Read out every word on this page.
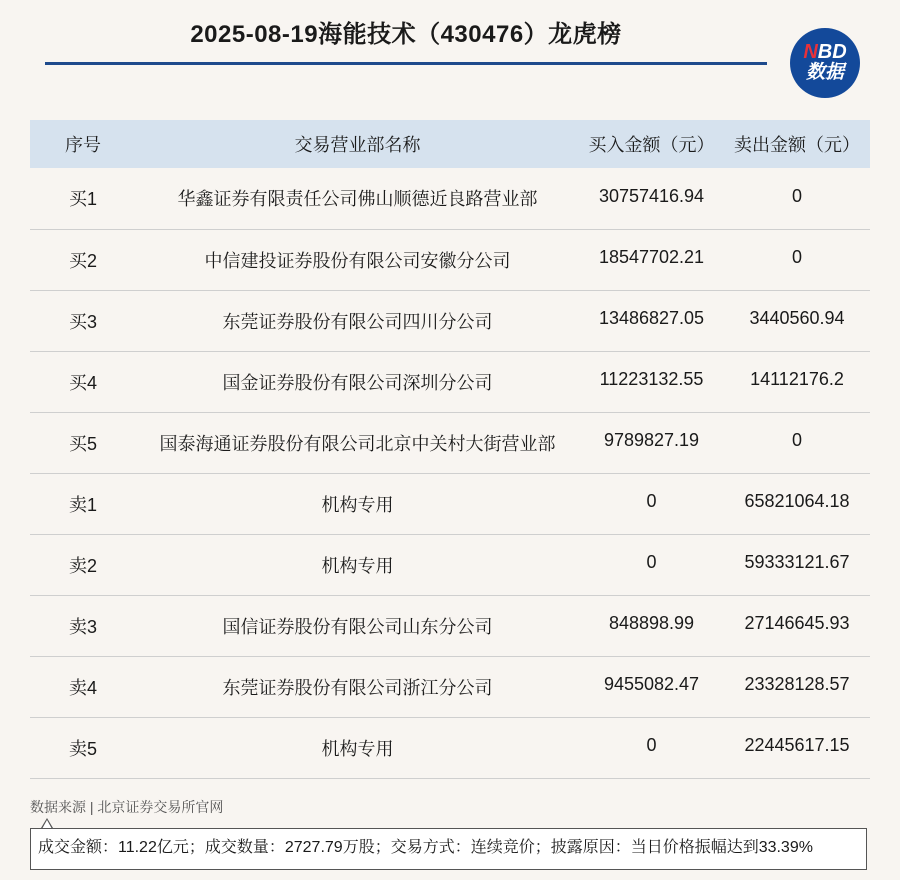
2025-08-19海能技术（430476）龙虎榜
NBD
数据
序号	交易营业部名称	买入金额（元）	卖出金额（元）
买1	华鑫证券有限责任公司佛山顺德近良路营业部	30757416.94	0
买2	中信建投证券股份有限公司安徽分公司	18547702.21	0
买3	东莞证券股份有限公司四川分公司	13486827.05	3440560.94
买4	国金证券股份有限公司深圳分公司	11223132.55	14112176.2
买5	国泰海通证券股份有限公司北京中关村大街营业部	9789827.19	0
卖1	机构专用	0	65821064.18
卖2	机构专用	0	59333121.67
卖3	国信证券股份有限公司山东分公司	848898.99	27146645.93
卖4	东莞证券股份有限公司浙江分公司	9455082.47	23328128.57
卖5	机构专用	0	22445617.15
数据来源 | 北京证券交易所官网
成交金额：11.22亿元；成交数量：2727.79万股；交易方式：连续竞价；披露原因：当日价格振幅达到33.39%
